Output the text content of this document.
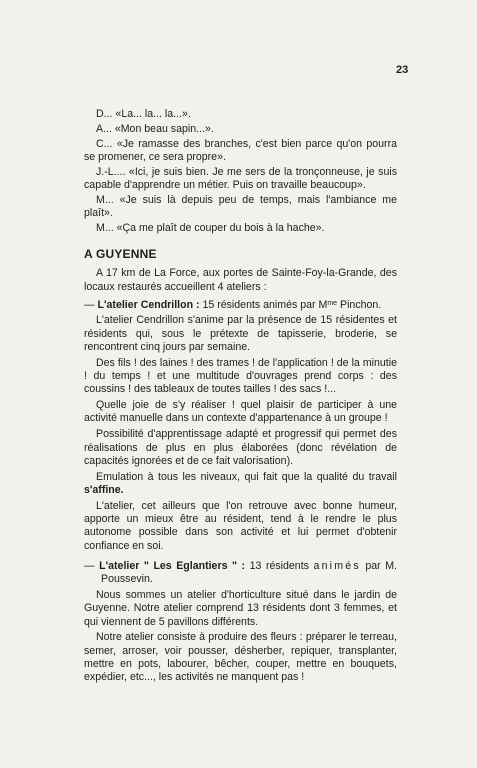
23

D... «La... la... la...».

A... «Mon beau sapin...».

C... «Je ramasse des branches, c'est bien parce qu'on pourra se promener, ce sera propre».

J.-L.... «Ici, je suis bien. Je me sers de la tronçonneuse, je suis capable d'apprendre un métier. Puis on travaille beaucoup».

M... «Je suis là depuis peu de temps, mais l'ambiance me plaît».

M... «Ça me plaît de couper du bois à la hache».

A GUYENNE

A 17 km de La Force, aux portes de Sainte-Foy-la-Grande, des locaux restaurés accueillent 4 ateliers :

— L'atelier Cendrillon : 15 résidents animés par $M^{me}$ Pinchon.

L'atelier Cendrillon s'anime par la présence de 15 résidentes et résidents qui, sous le prétexte de tapisserie, broderie, se rencontrent cinq jours par semaine.

Des fils ! des laines ! des trames ! de l'application ! de la minutie ! du temps ! et une multitude d'ouvrages prend corps : des coussins ! des tableaux de toutes tailles ! des sacs !...

Quelle joie de s'y réaliser ! quel plaisir de participer à une activité manuelle dans un contexte d'appartenance à un groupe !

Possibilité d'apprentissage adapté et progressif qui permet des réalisations de plus en plus élaborées (donc révélation de capacités ignorées et de ce fait valorisation).

Emulation à tous les niveaux, qui fait que la qualité du travail s'affine.

L'atelier, cet ailleurs que l'on retrouve avec bonne humeur, apporte un mieux être au résident, tend à le rendre le plus autonome possible dans son activité et lui permet d'obtenir confiance en soi.

— L'atelier " Les Eglantiers " : 13 résidents animés par M. Poussevin.

Nous sommes un atelier d'horticulture situé dans le jardin de Guyenne. Notre atelier comprend 13 résidents dont 3 femmes, et qui viennent de 5 pavillons différents.

Notre atelier consiste à produire des fleurs : préparer le terreau, semer, arroser, voir pousser, désherber, repiquer, transplanter, mettre en pots, labourer, bêcher, couper, mettre en bouquets, expédier, etc..., les activités ne manquent pas !
